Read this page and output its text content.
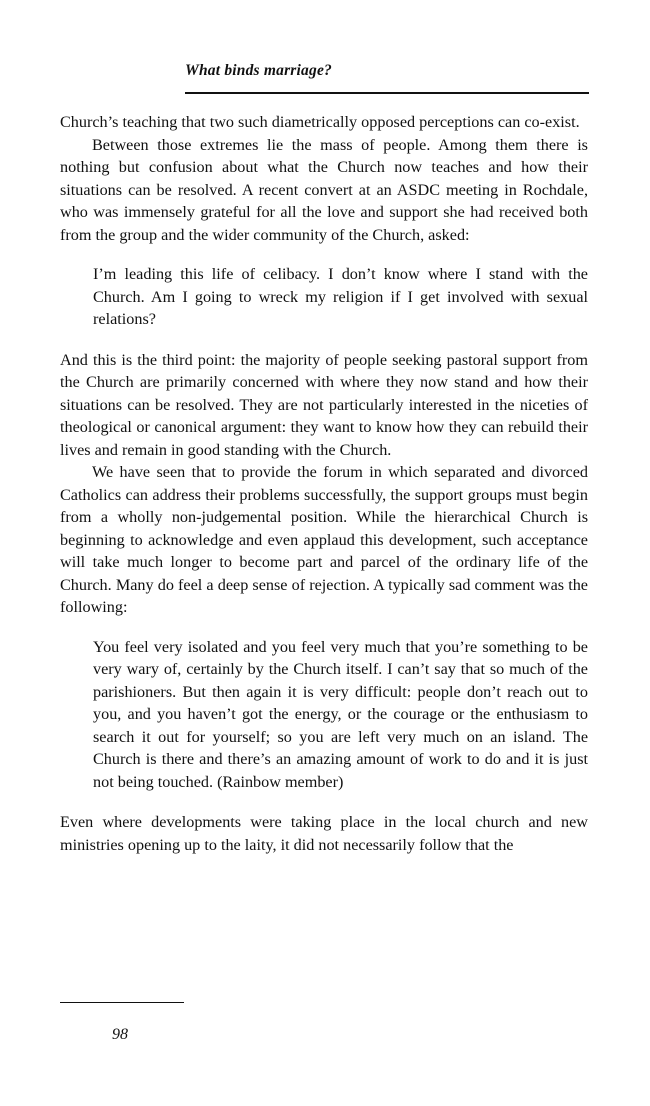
What binds marriage?

Church’s teaching that two such diametrically opposed perceptions can co-exist.

Between those extremes lie the mass of people. Among them there is nothing but confusion about what the Church now teaches and how their situations can be resolved. A recent convert at an ASDC meeting in Rochdale, who was immensely grateful for all the love and support she had received both from the group and the wider community of the Church, asked:

I’m leading this life of celibacy. I don’t know where I stand with the Church. Am I going to wreck my religion if I get involved with sexual relations?

And this is the third point: the majority of people seeking pastoral support from the Church are primarily concerned with where they now stand and how their situations can be resolved. They are not particularly interested in the niceties of theological or canonical argument: they want to know how they can rebuild their lives and remain in good standing with the Church.

We have seen that to provide the forum in which separated and divorced Catholics can address their problems successfully, the support groups must begin from a wholly non-judgemental position. While the hierarchical Church is beginning to acknowledge and even applaud this development, such acceptance will take much longer to become part and parcel of the ordinary life of the Church. Many do feel a deep sense of rejection. A typically sad comment was the following:

You feel very isolated and you feel very much that you’re something to be very wary of, certainly by the Church itself. I can’t say that so much of the parishioners. But then again it is very difficult: people don’t reach out to you, and you haven’t got the energy, or the courage or the enthusiasm to search it out for yourself; so you are left very much on an island. The Church is there and there’s an amazing amount of work to do and it is just not being touched. (Rainbow member)

Even where developments were taking place in the local church and new ministries opening up to the laity, it did not necessarily follow that the

98
